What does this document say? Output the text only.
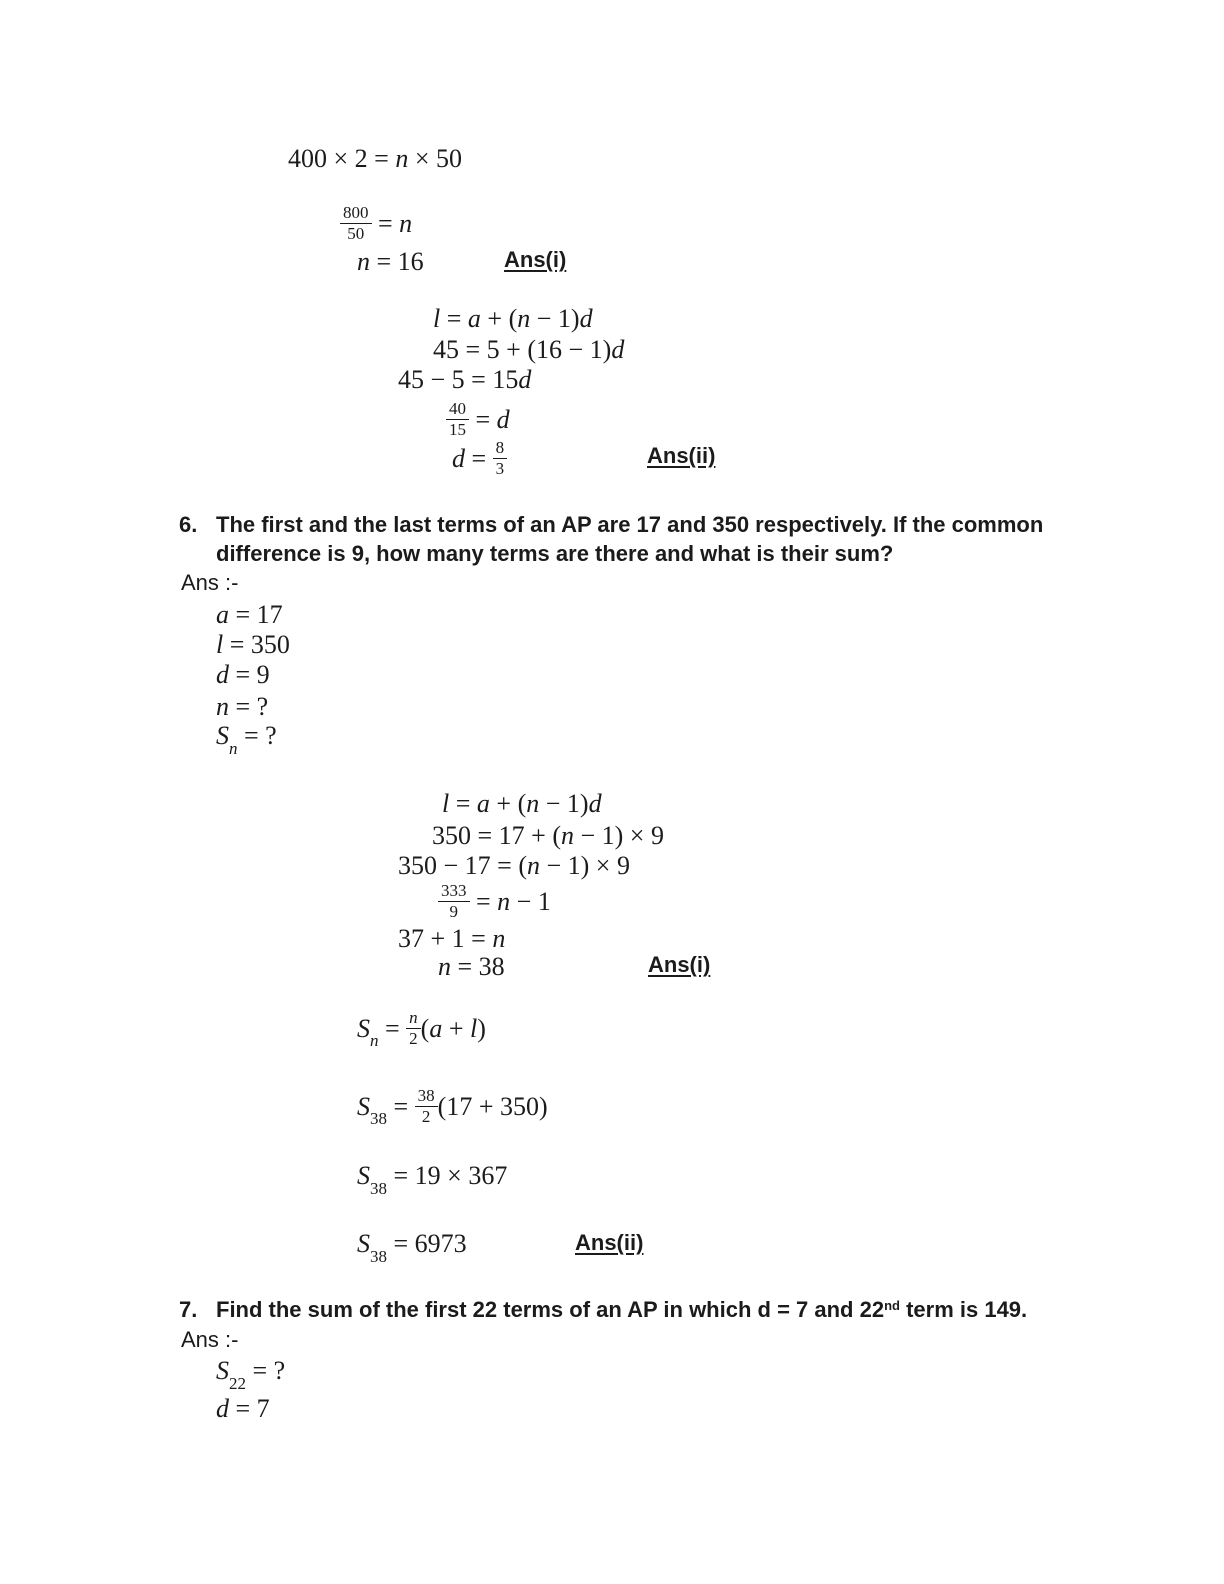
400 × 2 = n × 50
$\frac{800}{50} = n$
n = 16	Ans(i)
l = a + ( n − 1) d
45 = 5 + (16 − 1) d
45 − 5 = 15 d
$\frac{40}{15} = d$
$d = \frac{8}{3}$	Ans(ii)
6. The first and the last terms of an AP are 17 and 350 respectively. If the common difference is 9, how many terms are there and what is their sum?
Ans :-
a = 17
l = 350
d = 9
n = ?
S n = ?
l = a + ( n − 1) d
350 = 17 + ( n − 1) × 9
350 − 17 = ( n − 1) × 9
$\frac{333}{9} = n - 1$
37 + 1 = n
n = 38	Ans(i)
S $n = \frac{n}{2}$ ( a + l )
S $38 = \frac{38}{2} (17 + 350)$
S 38 = 19 × 367
S 38 = 6973	Ans(ii)
7. Find the sum of the first 22 terms of an AP in which d = 7 and 22nd term is 149.
Ans :-
S 22 = ?
d = 7
